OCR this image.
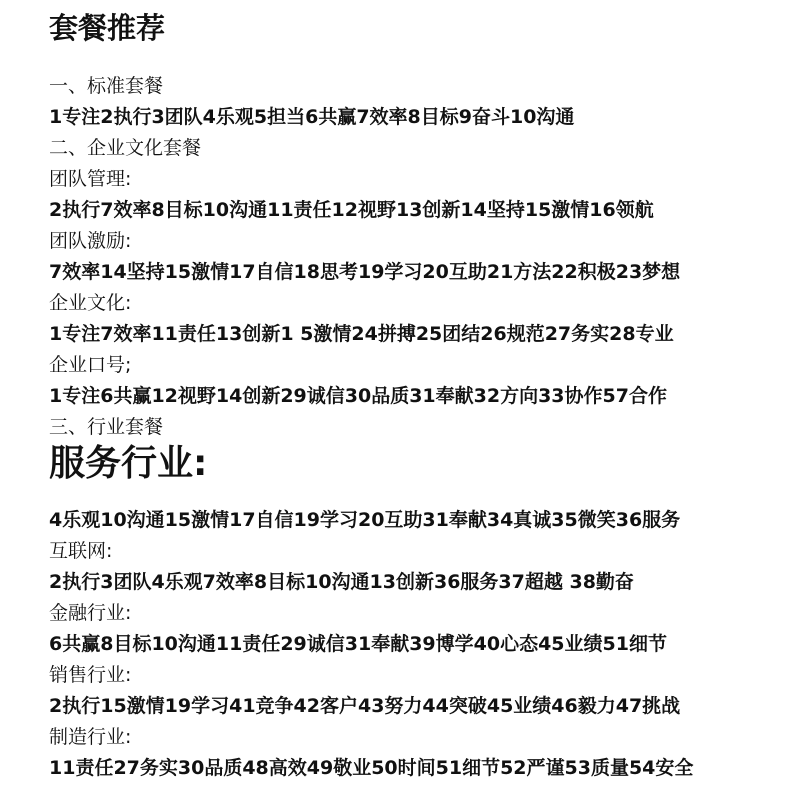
套餐推荐
一、标准套餐
1专注2执行3团队4乐观5担当6共赢7效率8目标9奋斗10沟通
二、企业文化套餐
团队管理:
2执行7效率8目标10沟通11责任12视野13创新14坚持15激情16领航
团队激励:
7效率14坚持15激情17自信18思考19学习20互助21方法22积极23梦想
企业文化:
1专注7效率11责任13创新1 5激情24拼搏25团结26规范27务实28专业
企业口号;
1专注6共赢12视野14创新29诚信30品质31奉献32方向33协作57合作
三、行业套餐
服务行业:
4乐观10沟通15激情17自信19学习20互助31奉献34真诚35微笑36服务
互联网:
2执行3团队4乐观7效率8目标10沟通13创新36服务37超越 38勤奋
金融行业:
6共赢8目标10沟通11责任29诚信31奉献39博学40心态45业绩51细节
销售行业:
2执行15激情19学习41竞争42客户43努力44突破45业绩46毅力47挑战
制造行业:
11责任27务实30品质48高效49敬业50时间51细节52严谨53质量54安全
